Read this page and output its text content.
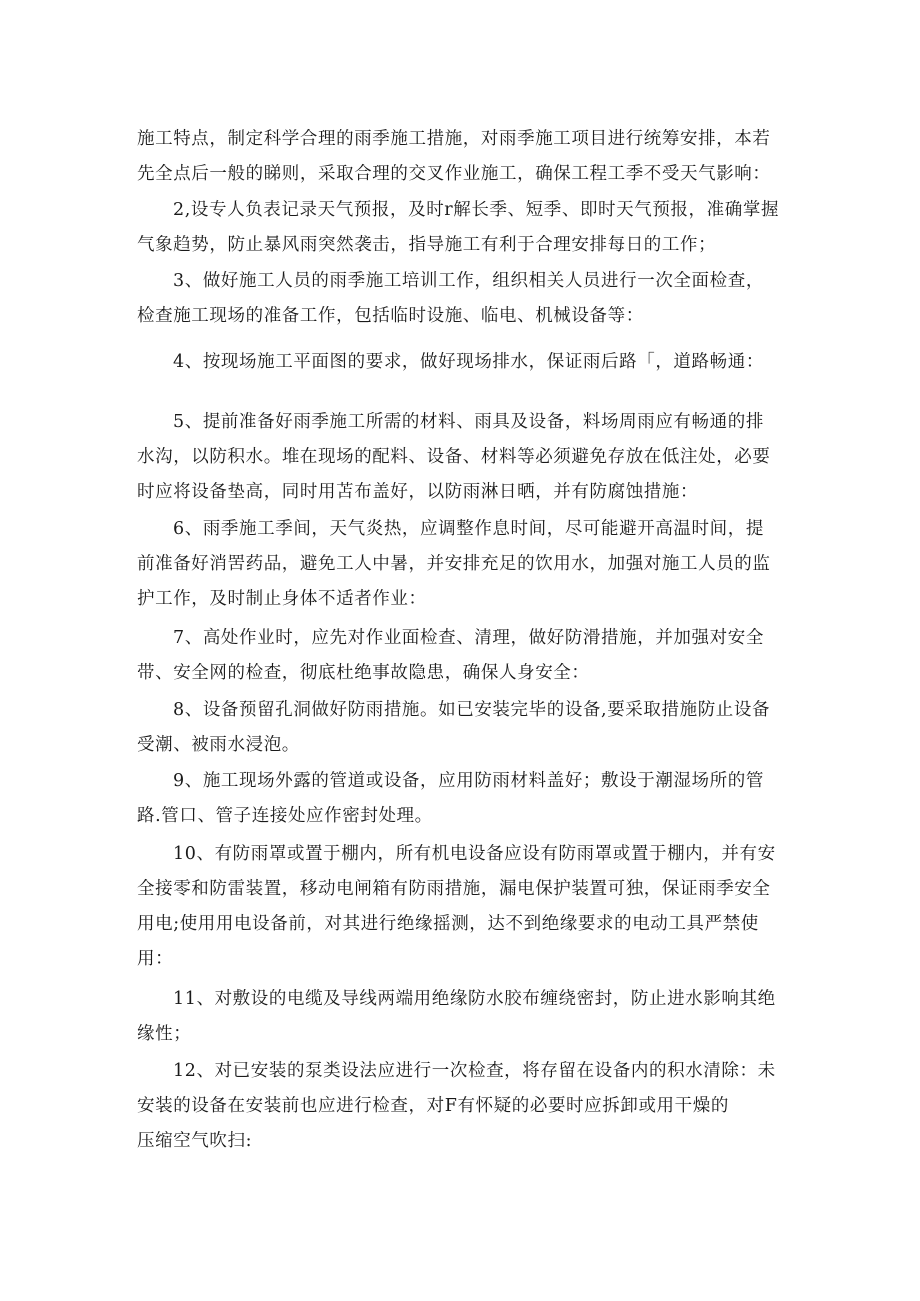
施工特点，制定科学合理的雨季施工措施，对雨季施工项目进行统筹安排，本若
先全点后一般的睇则，采取合理的交叉作业施工，确保工程工季不受天气影响：

2,设专人负表记录天气预报，及时r解长季、短季、即时天气预报，准确掌握
气象趋势，防止暴风雨突然袭击，指导施工有利于合理安排每日的工作；

3、做好施工人员的雨季施工培训工作，组织相关人员进行一次全面检查，
检查施工现场的准备工作，包括临时设施、临电、机械设备等：

4、按现场施工平面图的要求，做好现场排水，保证雨后路「，道路畅通：

5、提前准备好雨季施工所需的材料、雨具及设备，料场周雨应有畅通的排
水沟，以防积水。堆在现场的配料、设备、材料等必须避免存放在低注处，必要
时应将设备垫高，同时用苫布盖好，以防雨淋日晒，并有防腐蚀措施：

6、雨季施工季间，天气炎热，应调整作息时间，尽可能避开高温时间，提
前准备好消罟药品，避免工人中暑，并安排充足的饮用水，加强对施工人员的监
护工作，及时制止身体不适者作业：

7、高处作业时，应先对作业面检查、清理，做好防滑措施，并加强对安全
带、安全网的检查，彻底杜绝事故隐患，确保人身安全：

8、设备预留孔洞做好防雨措施。如已安装完毕的设备,要采取措施防止设备
受潮、被雨水浸泡。

9、施工现场外露的管道或设备，应用防雨材料盖好；敷设于潮湿场所的管
路.管口、管子连接处应作密封处理。

10、有防雨罩或置于棚内，所有机电设备应设有防雨罩或置于棚内，并有安
全接零和防雷装置，移动电闸箱有防雨措施，漏电保护装置可独，保证雨季安全
用电;使用用电设备前，对其进行绝缘摇测，达不到绝缘要求的电动工具严禁使
用：

11、对敷设的电缆及导线两端用绝缘防水胶布缠绕密封，防止进水影响其绝
缘性；

12、对已安装的泵类设法应进行一次检查，将存留在设备内的积水清除：未
安装的设备在安装前也应进行检查，对F有怀疑的必要时应拆卸或用干燥的
压缩空气吹扫:
